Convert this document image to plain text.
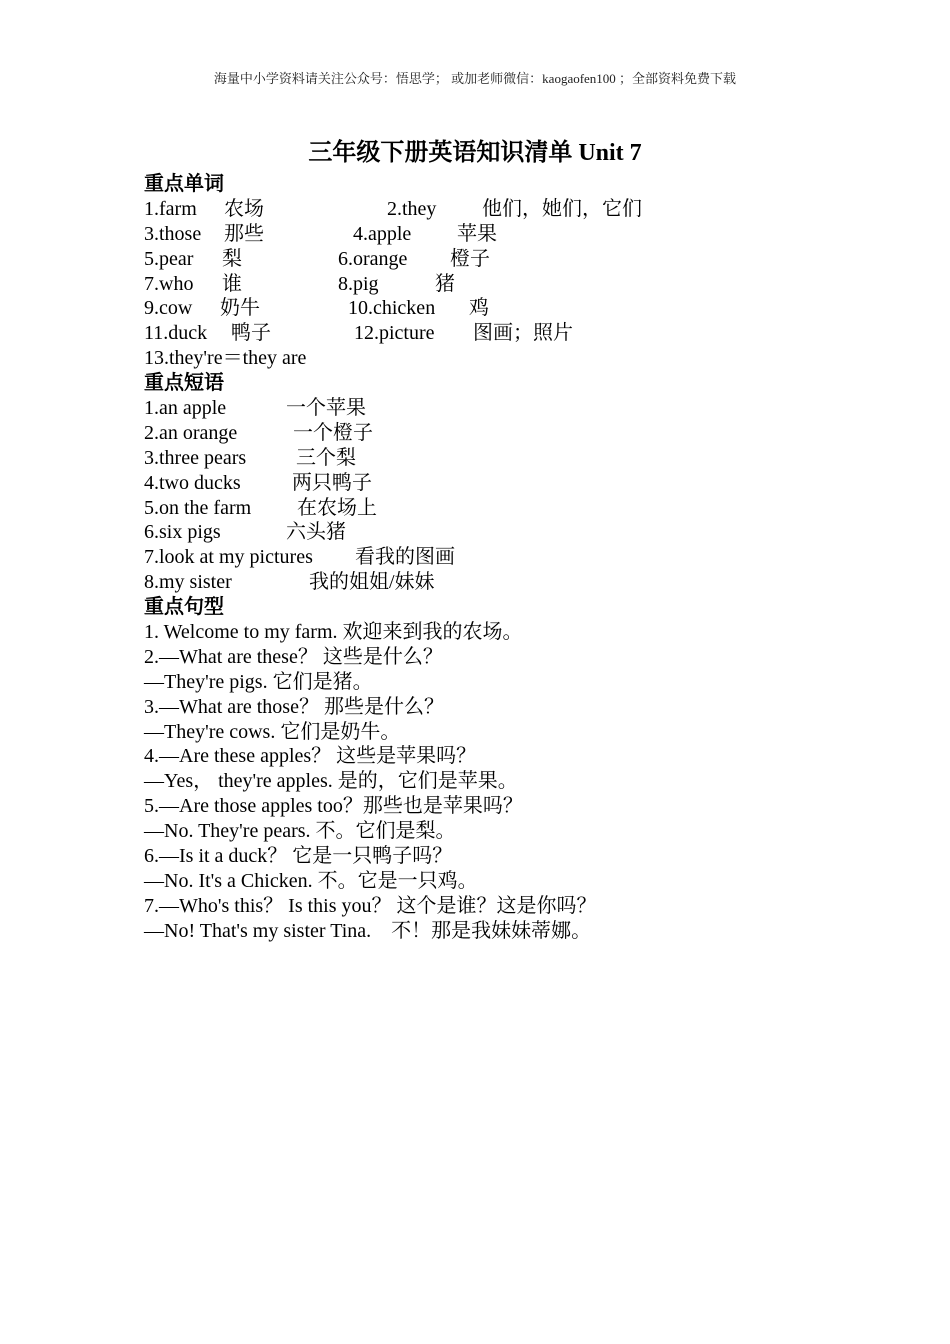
海量中小学资料请关注公众号：悟思学； 或加老师微信：kaogaofen100 ；全部资料免费下载
三年级下册英语知识清单 Unit 7
重点单词
1.farm 农场	2.they 他们，她们，它们
3.those 那些	4.apple 苹果
5.pear 梨	6.orange 橙子
7.who 谁	8.pig	猪
9.cow 奶牛	10.chicken 鸡
11.duck 鸭子	12.picture 图画；照片
13.they're＝they are
重点短语
1.an apple	一个苹果
2.an orange	一个橙子
3.three pears 三个梨
4.two ducks	两只鸭子
5.on the farm 在农场上
6.six pigs	六头猪
7.look at my pictures 看我的图画
8.my sister	我的姐姐/妹妹
重点句型
1. Welcome to my farm. 欢迎来到我的农场。
2.—What are these？ 这些是什么？
—They're pigs. 它们是猪。
3.—What are those？ 那些是什么？
—They're cows. 它们是奶牛。
4.—Are these apples？ 这些是苹果吗？
—Yes， they're apples. 是的，它们是苹果。
5.—Are those apples too？那些也是苹果吗？
—No. They're pears. 不。它们是梨。
6.—Is it a duck？ 它是一只鸭子吗？
—No. It's a Chicken. 不。它是一只鸡。
7.—Who's this？ Is this you？ 这个是谁？这是你吗？
—No! That's my sister Tina.　不！那是我妹妹蒂娜。
